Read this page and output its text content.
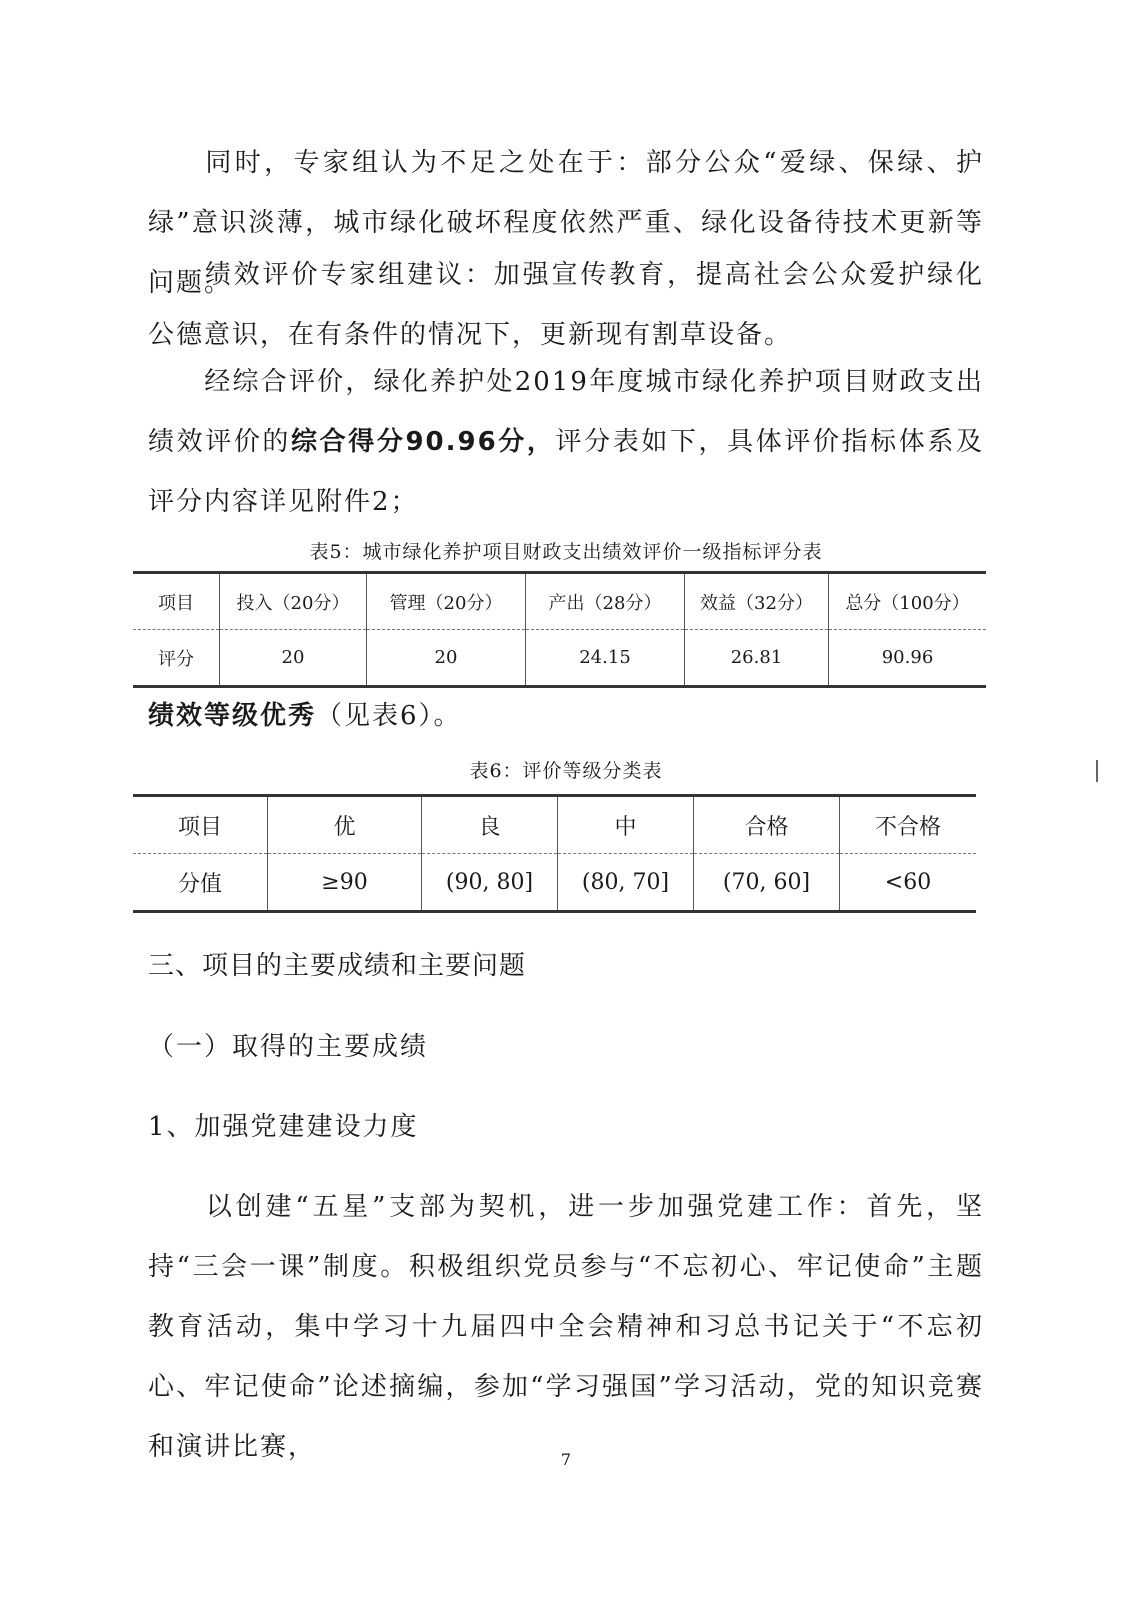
同时，专家组认为不足之处在于：部分公众“爱绿、保绿、护绿”意识淡薄，城市绿化破坏程度依然严重、绿化设备待技术更新等问题。

绩效评价专家组建议：加强宣传教育，提高社会公众爱护绿化公德意识，在有条件的情况下，更新现有割草设备。

经综合评价，绿化养护处2019年度城市绿化养护项目财政支出绩效评价的综合得分90.96分，评分表如下，具体评价指标体系及评分内容详见附件2；

表5：城市绿化养护项目财政支出绩效评价一级指标评分表

项目	投入（20分）	管理（20分）	产出（28分）	效益（32分）	总分（100分）
评分	20	20	24.15	26.81	90.96

绩效等级优秀（见表6）。

表6：评价等级分类表

项目	优	良	中	合格	不合格
分值	≥90	(90, 80]	(80, 70]	(70, 60]	<60

三、项目的主要成绩和主要问题

（一）取得的主要成绩

1、加强党建建设力度

以创建“五星”支部为契机，进一步加强党建工作：首先，坚持“三会一课”制度。积极组织党员参与“不忘初心、牢记使命”主题教育活动，集中学习十九届四中全会精神和习总书记关于“不忘初心、牢记使命”论述摘编，参加“学习强国”学习活动，党的知识竞赛和演讲比赛，	7
